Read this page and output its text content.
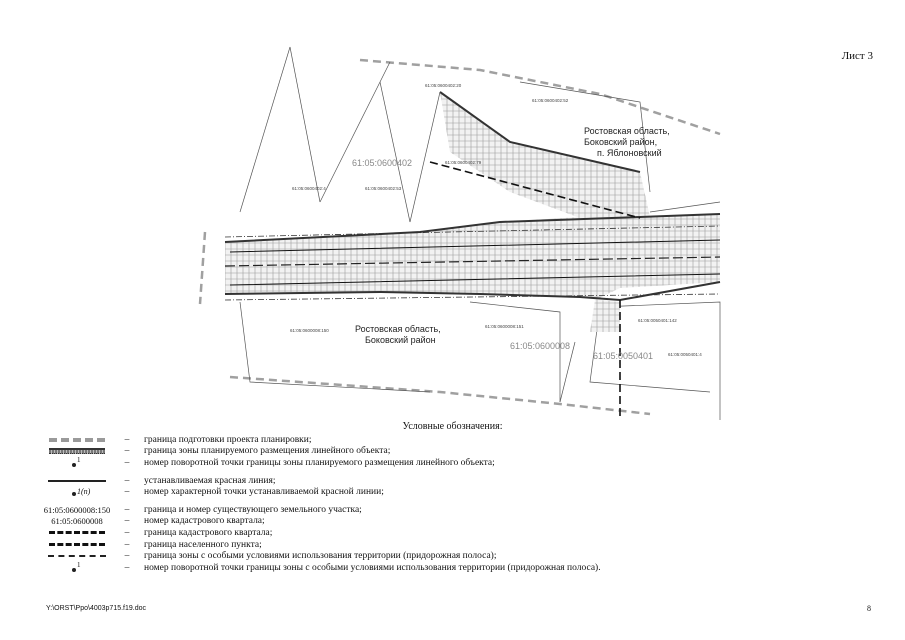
Лист 3
Ростовская область,
Боковский район,
п. Яблоновский
Ростовская область,
Боковский район
61:05:0600402
61:05:0600008
61:05:0050401
61:05:0600402:20
61:05:0600402:52
61:05:0600402:4	61:05:0600402:53
61:05:0600402:79
61:05:0600008:150
61:05:0600008:151
61:05:0050401:142
61:05:0050401:4
Условные обозначения:
–	граница подготовки проекта планировки;
–	граница зоны планируемого размещения линейного объекта;
1	–	номер поворотной точки границы зоны планируемого размещения линейного объекта;
–	устанавливаемая красная линия;
1(n)	–	номер характерной точки устанавливаемой красной линии;
61:05:0600008:150	–	граница и номер существующего земельного участка;
61:05:0600008	–	номер кадастрового квартала;
–	граница кадастрового квартала;
–	граница населенного пункта;
–	граница зоны с особыми условиями использования территории (придорожная полоса);
1	–	номер поворотной точки границы зоны с особыми условиями использования территории (придорожная полоса).
Y:\ORST\Ppo\4003p715.f19.doc	8
